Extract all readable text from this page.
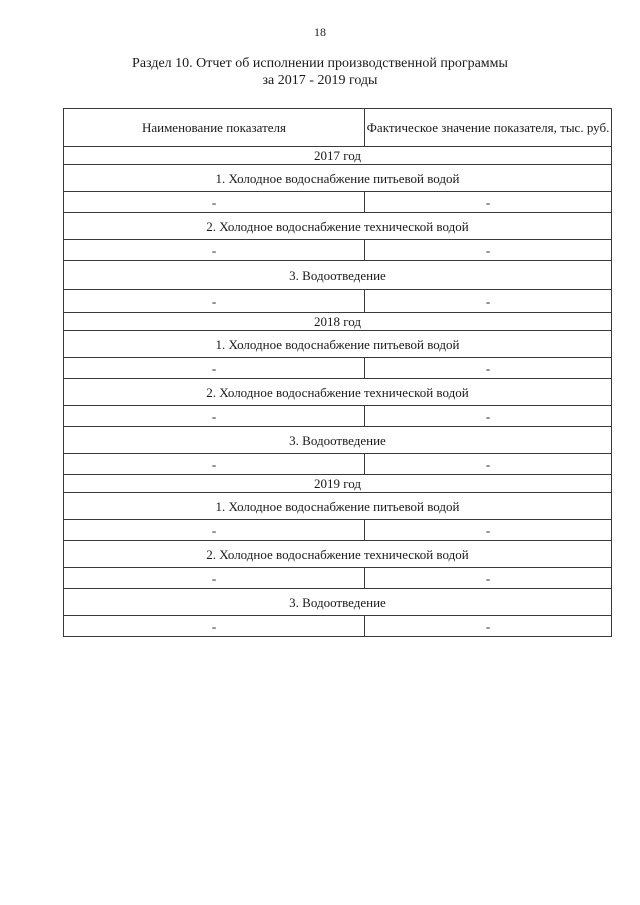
18
Раздел 10. Отчет об исполнении производственной программы
за 2017 - 2019 годы
Наименование показателя	Фактическое значение показателя, тыс. руб.
2017 год	
1. Холодное водоснабжение питьевой водой	
-	-
2. Холодное водоснабжение технической водой	
-	-
3. Водоотведение	
-	-
2018 год	
1. Холодное водоснабжение питьевой водой	
-	-
2. Холодное водоснабжение технической водой	
-	-
3. Водоотведение	
-	-
2019 год	
1. Холодное водоснабжение питьевой водой	
-	-
2. Холодное водоснабжение технической водой	
-	-
3. Водоотведение	
-	-
